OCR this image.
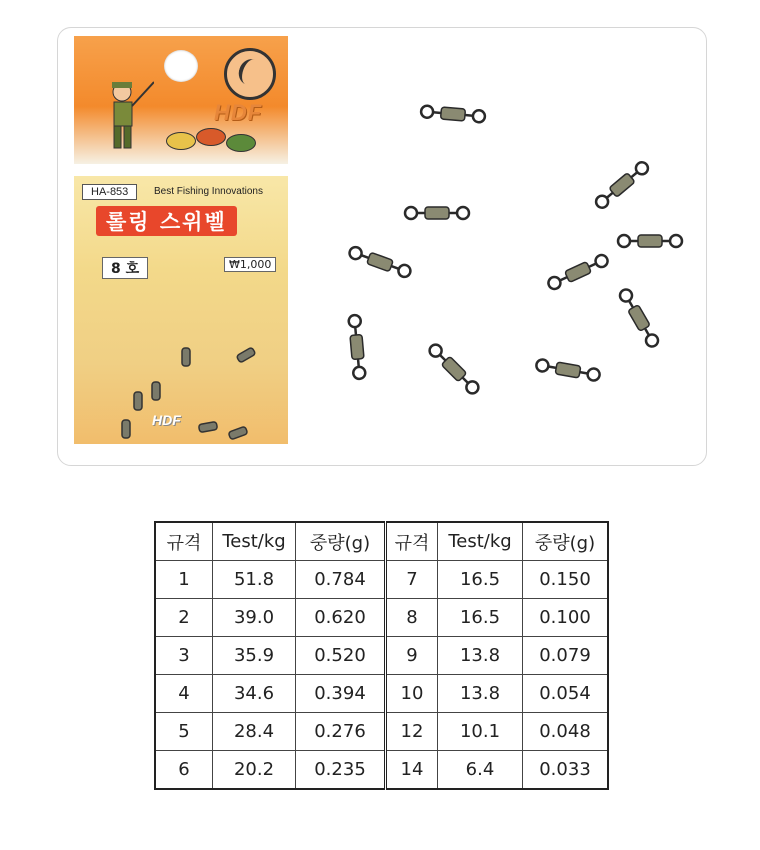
HDF
HA-853	Best Fishing Innovations
롤링 스위벨
8 호	₩1,000
HDF
규격	Test/kg	중량(g)	규격	Test/kg	중량(g)
1	51.8	0.784	7	16.5	0.150
2	39.0	0.620	8	16.5	0.100
3	35.9	0.520	9	13.8	0.079
4	34.6	0.394	10	13.8	0.054
5	28.4	0.276	12	10.1	0.048
6	20.2	0.235	14	6.4	0.033
